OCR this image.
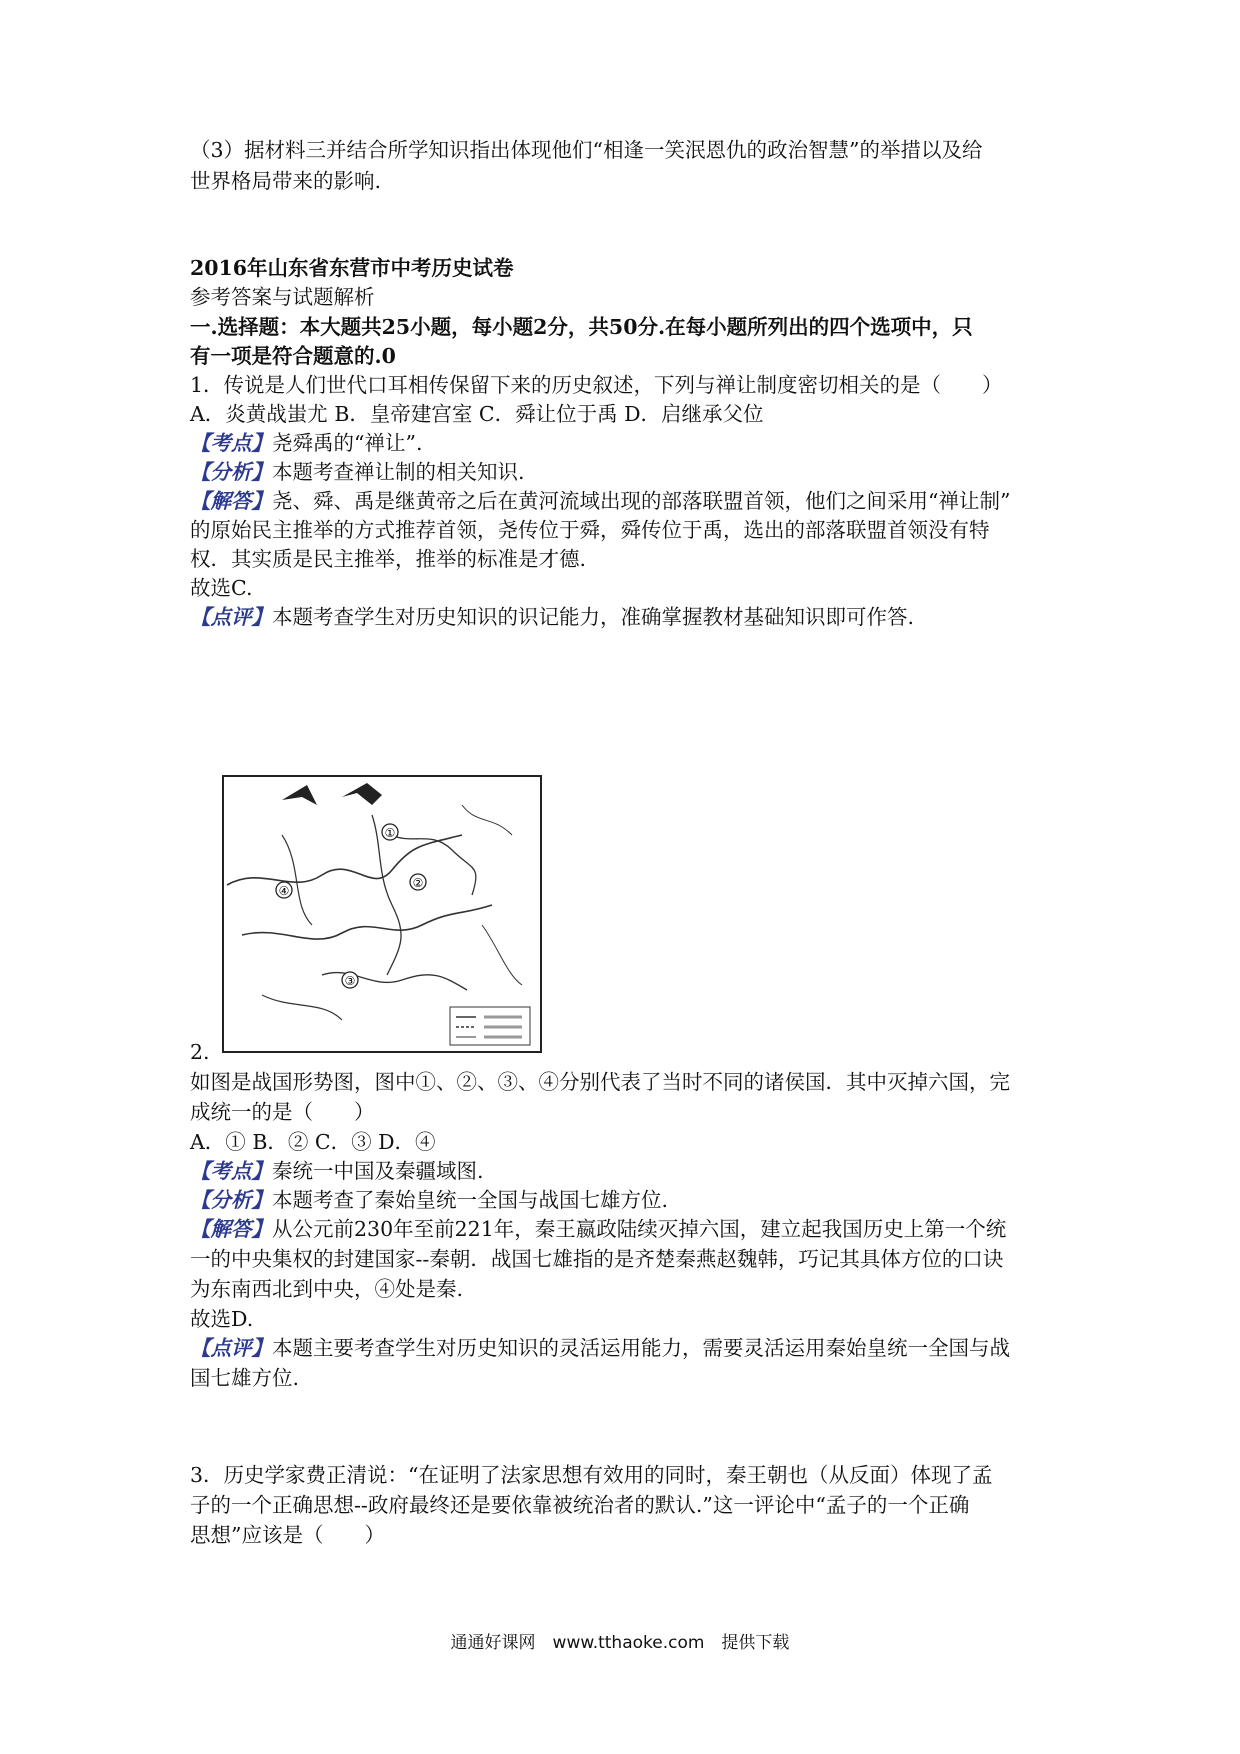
（3）据材料三并结合所学知识指出体现他们“相逢一笑泯恩仇的政治智慧”的举措以及给
世界格局带来的影响.
2016年山东省东营市中考历史试卷
参考答案与试题解析
一.选择题：本大题共25小题，每小题2分，共50分.在每小题所列出的四个选项中，只
有一项是符合题意的.0
1．传说是人们世代口耳相传保留下来的历史叙述，下列与禅让制度密切相关的是（　　）
A．炎黄战蚩尤 B．皇帝建宫室 C．舜让位于禹 D．启继承父位
【考点】尧舜禹的“禅让”.
【分析】本题考查禅让制的相关知识.
【解答】尧、舜、禹是继黄帝之后在黄河流域出现的部落联盟首领，他们之间采用“禅让制”
的原始民主推举的方式推荐首领，尧传位于舜，舜传位于禹，选出的部落联盟首领没有特
权．其实质是民主推举，推举的标准是才德.
故选C.
【点评】本题考查学生对历史知识的识记能力，准确掌握教材基础知识即可作答.
①
②
③
④
2.
如图是战国形势图，图中①、②、③、④分别代表了当时不同的诸侯国．其中灭掉六国，完
成统一的是（　　）
A．① B．② C．③ D．④
【考点】秦统一中国及秦疆域图.
【分析】本题考查了秦始皇统一全国与战国七雄方位.
【解答】从公元前230年至前221年，秦王嬴政陆续灭掉六国，建立起我国历史上第一个统
一的中央集权的封建国家--秦朝．战国七雄指的是齐楚秦燕赵魏韩，巧记其具体方位的口诀
为东南西北到中央，④处是秦.
故选D.
【点评】本题主要考查学生对历史知识的灵活运用能力，需要灵活运用秦始皇统一全国与战
国七雄方位.
3．历史学家费正清说：“在证明了法家思想有效用的同时，秦王朝也（从反面）体现了孟
子的一个正确思想--政府最终还是要依靠被统治者的默认.”这一评论中“孟子的一个正确
思想”应该是（　　）
通通好课网　www.tthaoke.com　提供下载
